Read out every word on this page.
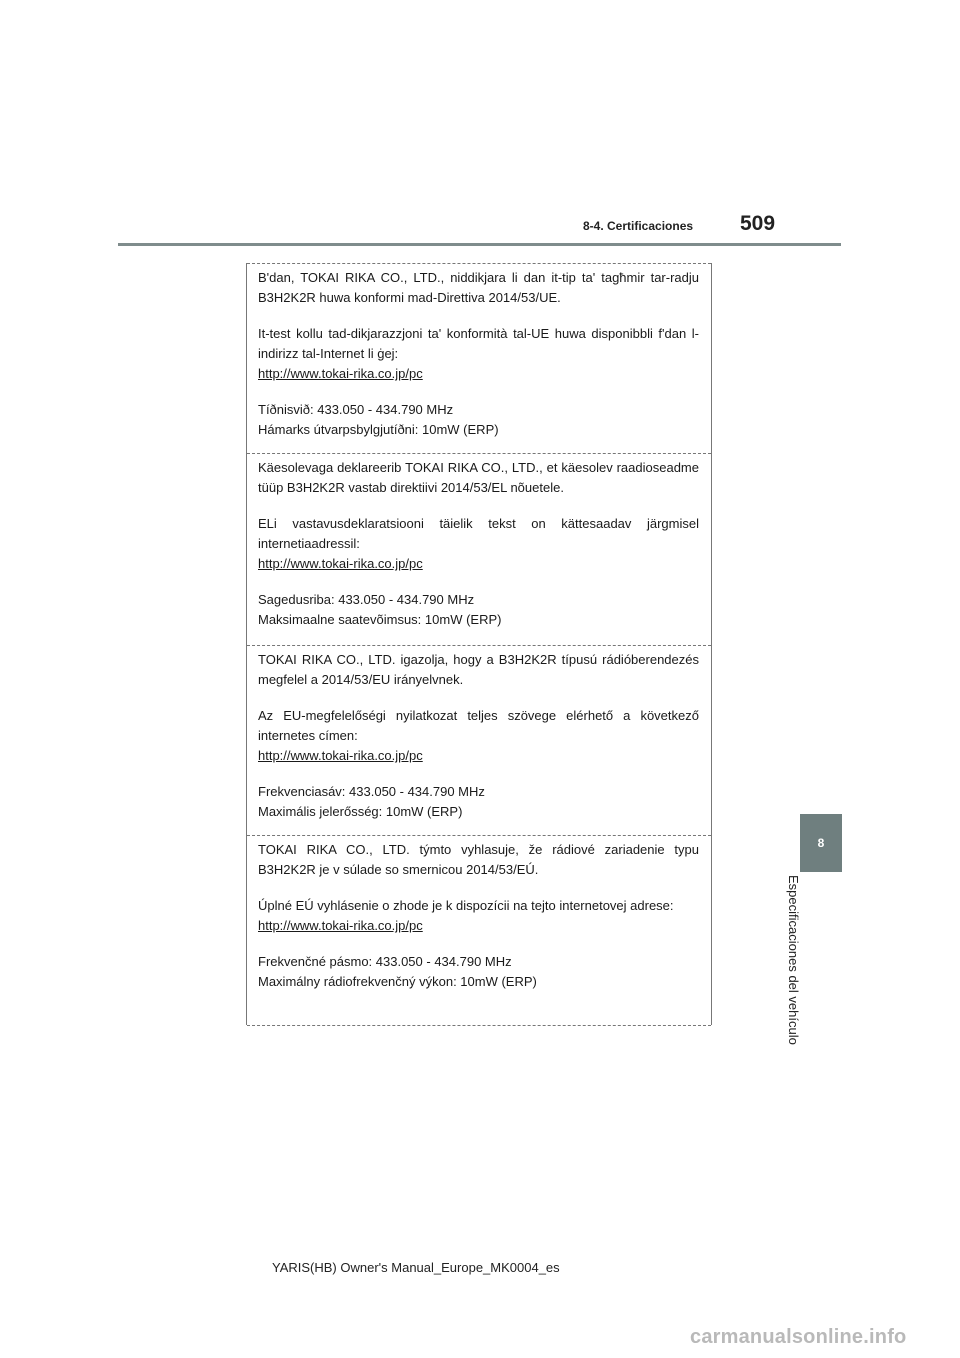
8-4. Certificaciones 509
8
Especificaciones del vehículo

B'dan, TOKAI RIKA CO., LTD., niddikjara li dan it-tip ta' tagħmir tar-radju B3H2K2R huwa konformi mad-Direttiva 2014/53/UE.

It-test kollu tad-dikjarazzjoni ta' konformità tal-UE huwa disponibbli f'dan l-indirizz tal-Internet li ġej:

http://www.tokai-rika.co.jp/pc

Tíðnisvið: 433.050 - 434.790 MHz

Hámarks útvarpsbylgjutíðni: 10mW (ERP)

Käesolevaga deklareerib TOKAI RIKA CO., LTD., et käesolev raadioseadme tüüp B3H2K2R vastab direktiivi 2014/53/EL nõuetele.

ELi vastavusdeklaratsiooni täielik tekst on kättesaadav järgmisel internetiaadressil:

http://www.tokai-rika.co.jp/pc

Sagedusriba: 433.050 - 434.790 MHz

Maksimaalne saatevõimsus: 10mW (ERP)

TOKAI RIKA CO., LTD. igazolja, hogy a B3H2K2R típusú rádióberendezés megfelel a 2014/53/EU irányelvnek.

Az EU-megfelelőségi nyilatkozat teljes szövege elérhető a következő internetes címen:

http://www.tokai-rika.co.jp/pc

Frekvenciasáv: 433.050 - 434.790 MHz

Maximális jelerősség: 10mW (ERP)

TOKAI RIKA CO., LTD. týmto vyhlasuje, že rádiové zariadenie typu B3H2K2R je v súlade so smernicou 2014/53/EÚ.

Úplné EÚ vyhlásenie o zhode je k dispozícii na tejto internetovej adrese:

http://www.tokai-rika.co.jp/pc

Frekvenčné pásmo: 433.050 - 434.790 MHz

Maximálny rádiofrekvenčný výkon: 10mW (ERP)

YARIS(HB) Owner's Manual_Europe_MK0004_es
carmanualsonline.info
